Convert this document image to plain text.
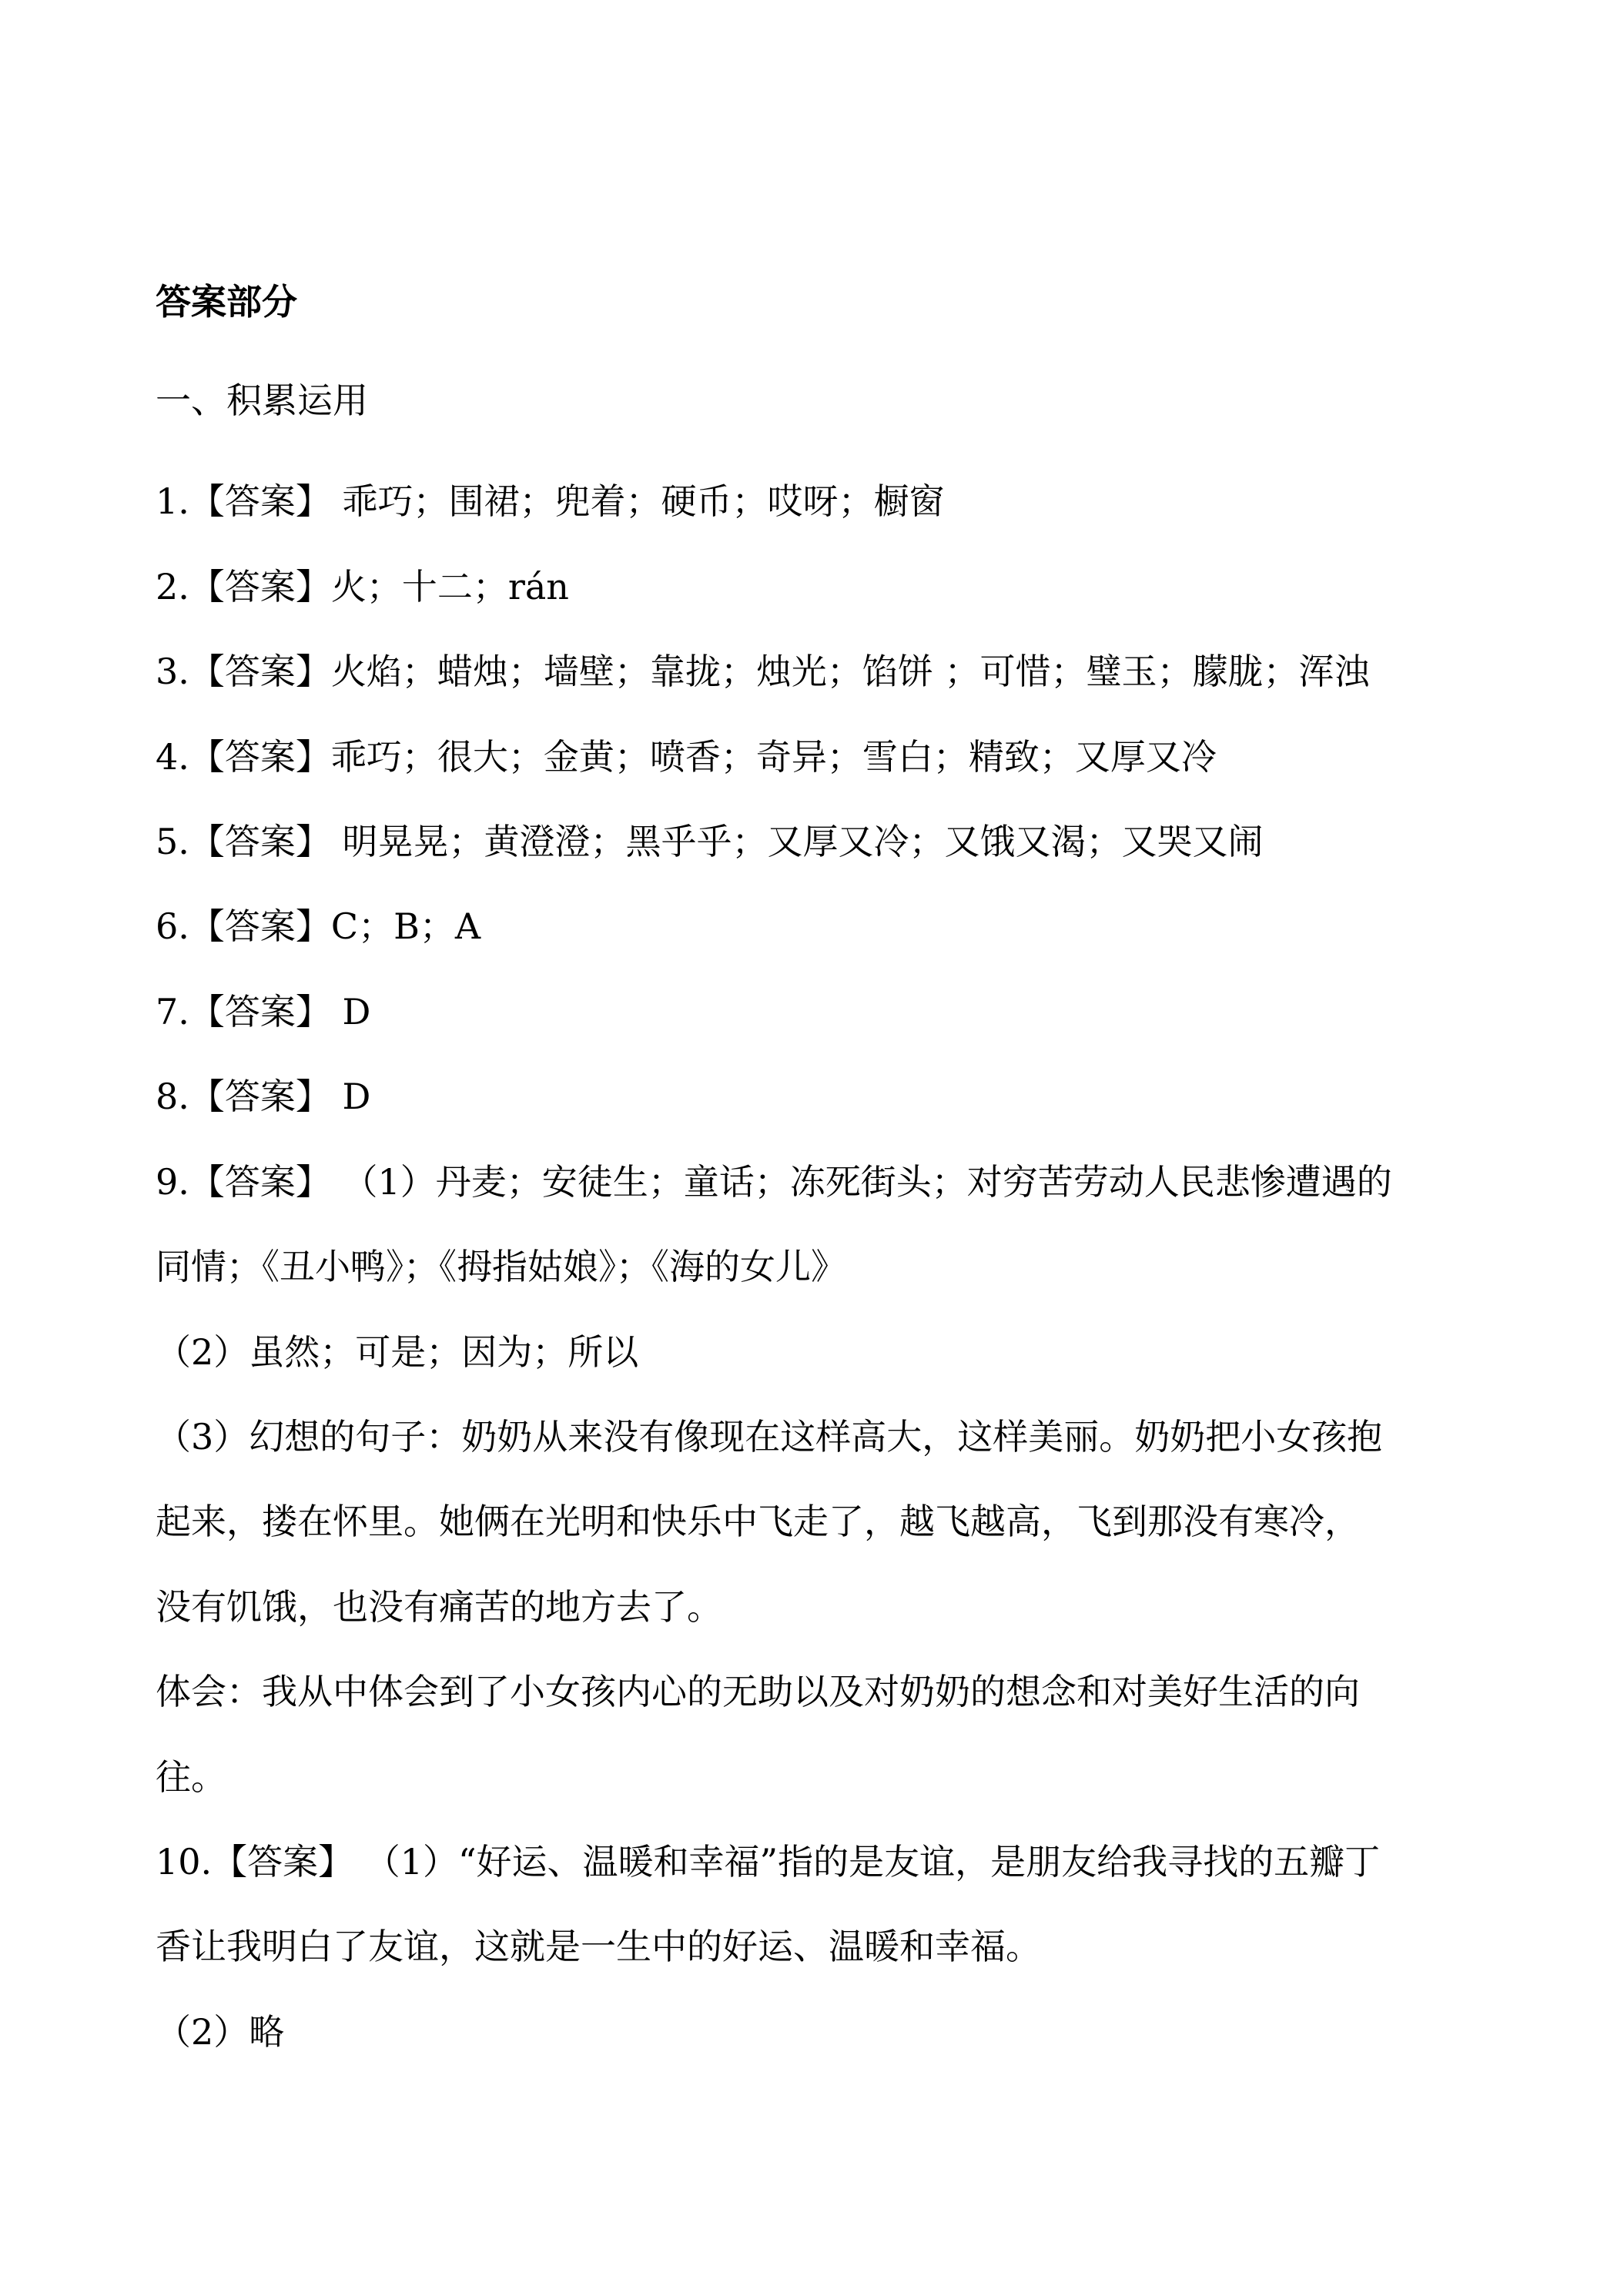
答案部分
一、积累运用
1.【答案】 乖巧；围裙；兜着；硬币；哎呀；橱窗
2.【答案】火；十二；rán
3.【答案】火焰；蜡烛；墙壁；靠拢；烛光；馅饼 ；可惜；璧玉；朦胧；浑浊
4.【答案】乖巧；很大；金黄；喷香；奇异；雪白；精致；又厚又冷
5.【答案】 明晃晃；黄澄澄；黑乎乎；又厚又冷；又饿又渴；又哭又闹
6.【答案】C；B；A
7.【答案】 D
8.【答案】 D
9.【答案】 （1）丹麦；安徒生；童话；冻死街头；对穷苦劳动人民悲惨遭遇的
同情；《丑小鸭》；《拇指姑娘》；《海的女儿》
（2）虽然；可是；因为；所以
（3）幻想的句子：奶奶从来没有像现在这样高大，这样美丽。奶奶把小女孩抱
起来，搂在怀里。她俩在光明和快乐中飞走了，越飞越高，飞到那没有寒冷，
没有饥饿，也没有痛苦的地方去了。
体会：我从中体会到了小女孩内心的无助以及对奶奶的想念和对美好生活的向
往。
10.【答案】 （1）“好运、温暖和幸福”指的是友谊，是朋友给我寻找的五瓣丁
香让我明白了友谊，这就是一生中的好运、温暖和幸福。
（2）略
